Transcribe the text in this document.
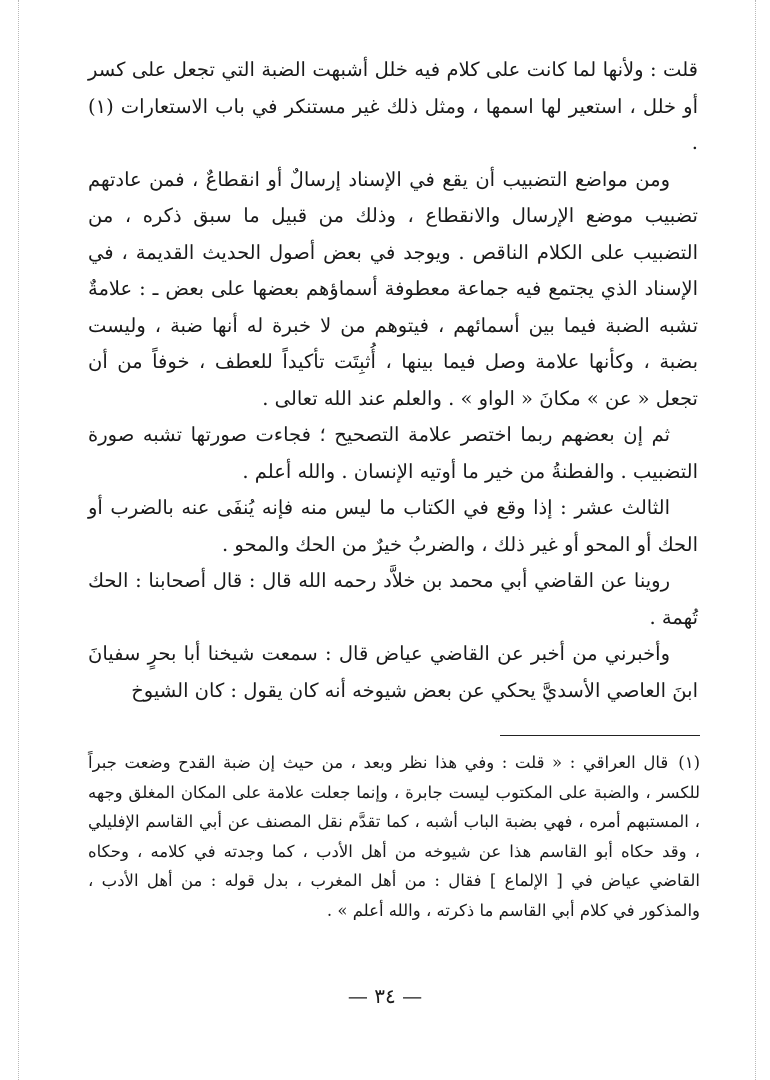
قلت : ولأنها لما كانت على كلام فيه خلل أشبهت الضبة التي تجعل على كسر أو خلل ، استعير لها اسمها ، ومثل ذلك غير مستنكر في باب الاستعارات (١) .

ومن مواضع التضبيب أن يقع في الإسناد إرسالٌ أو انقطاعٌ ، فمن عادتهم تضبيب موضع الإرسال والانقطاع ، وذلك من قبيل ما سبق ذكره ، من التضبيب على الكلام الناقص . ويوجد في بعض أصول الحديث القديمة ، في الإسناد الذي يجتمع فيه جماعة معطوفة أسماؤهم بعضها على بعض ـ : علامةٌ تشبه الضبة فيما بين أسمائهم ، فيتوهم من لا خبرة له أنها ضبة ، وليست بضبة ، وكأنها علامة وصل فيما بينها ، أُثبِتَت تأكيداً للعطف ، خوفاً من أن تجعل « عن » مكانَ « الواو » . والعلم عند الله تعالى .

ثم إن بعضهم ربما اختصر علامة التصحيح ؛ فجاءت صورتها تشبه صورة التضبيب . والفطنةُ من خير ما أوتيه الإنسان . والله أعلم .

الثالث عشر : إذا وقع في الكتاب ما ليس منه فإنه يُنفَى عنه بالضرب أو الحك أو المحو أو غير ذلك ، والضربُ خيرٌ من الحك والمحو .

روينا عن القاضي أبي محمد بن خلاَّد رحمه الله قال : قال أصحابنا : الحك تُهمة .

وأخبرني من أخبر عن القاضي عياض قال : سمعت شيخنا أبا بحرٍ سفيانَ ابنَ العاصي الأسديَّ يحكي عن بعض شيوخه أنه كان يقول : كان الشيوخ

(١)قال العراقي : « قلت : وفي هذا نظر وبعد ، من حيث إن ضبة القدح وضعت جبراً للكسر ، والضبة على المكتوب ليست جابرة ، وإنما جعلت علامة على المكان المغلق وجهه ، المستبهم أمره ، فهي بضبة الباب أشبه ، كما تقدَّم نقل المصنف عن أبي القاسم الإفليلي ، وقد حكاه أبو القاسم هذا عن شيوخه من أهل الأدب ، كما وجدته في كلامه ، وحكاه القاضي عياض في [ الإلماع ] فقال : من أهل المغرب ، بدل قوله : من أهل الأدب ، والمذكور في كلام أبي القاسم ما ذكرته ، والله أعلم » .
— ٣٤ —
